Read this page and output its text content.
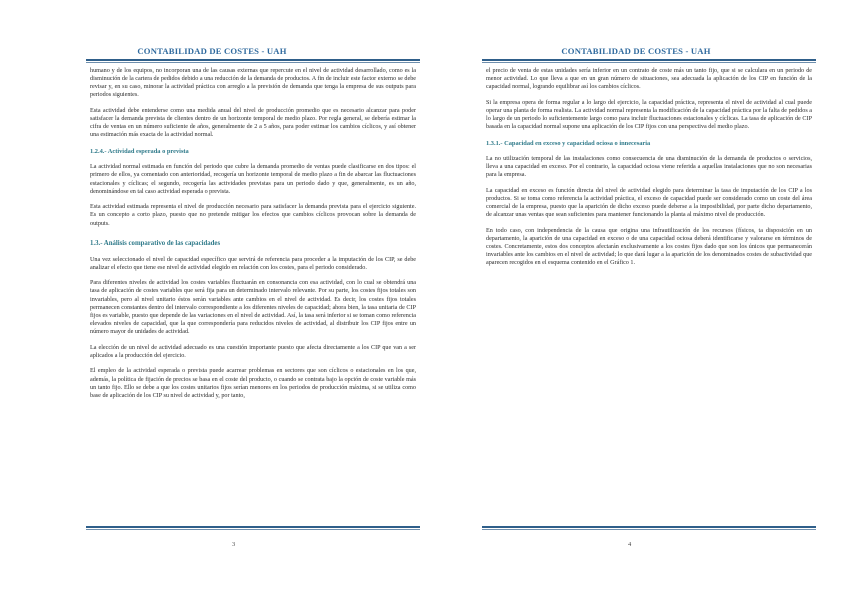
CONTABILIDAD DE COSTES - UAH

humano y de los equipos, no incorporan una de las causas externas que repercute en el nivel de actividad desarrollado, como es la disminución de la cartera de pedidos debido a una reducción de la demanda de productos. A fin de incluir este factor externo se debe revisar y, en su caso, minorar la actividad práctica con arreglo a la previsión de demanda que tenga la empresa de sus outputs para periodos siguientes.

Esta actividad debe entenderse como una medida anual del nivel de producción promedio que es necesario alcanzar para poder satisfacer la demanda prevista de clientes dentro de un horizonte temporal de medio plazo. Por regla general, se debería estimar la cifra de ventas en un número suficiente de años, generalmente de 2 a 5 años, para poder estimar los cambios cíclicos, y así obtener una estimación más exacta de la actividad normal.

1.2.4.- Actividad esperada o prevista

La actividad normal estimada en función del periodo que cubre la demanda promedio de ventas puede clasificarse en dos tipos: el primero de ellos, ya comentado con anterioridad, recogería un horizonte temporal de medio plazo a fin de abarcar las fluctuaciones estacionales y cíclicas; el segundo, recogería las actividades previstas para un periodo dado y que, generalmente, es un año, denominándose en tal caso actividad esperada o prevista.

Esta actividad estimada representa el nivel de producción necesario para satisfacer la demanda prevista para el ejercicio siguiente. Es un concepto a corto plazo, puesto que no pretende mitigar los efectos que cambios cíclicos provocan sobre la demanda de outputs.

1.3.- Análisis comparativo de las capacidades

Una vez seleccionado el nivel de capacidad específico que servirá de referencia para proceder a la imputación de los CIP, se debe analizar el efecto que tiene ese nivel de actividad elegido en relación con los costes, para el periodo considerado.

Para diferentes niveles de actividad los costes variables fluctuarán en consonancia con esa actividad, con lo cual se obtendrá una tasa de aplicación de costes variables que será fija para un determinado intervalo relevante. Por su parte, los costes fijos totales son invariables, pero al nivel unitario éstos serán variables ante cambios en el nivel de actividad. Es decir, los costes fijos totales permanecen constantes dentro del intervalo correspondiente a los diferentes niveles de capacidad; ahora bien, la tasa unitaria de CIP fijos es variable, puesto que depende de las variaciones en el nivel de actividad. Así, la tasa será inferior si se toman como referencia elevados niveles de capacidad, que la que correspondería para reducidos niveles de actividad, al distribuir los CIP fijos entre un número mayor de unidades de actividad.

La elección de un nivel de actividad adecuado es una cuestión importante puesto que afecta directamente a los CIP que van a ser aplicados a la producción del ejercicio.

El empleo de la actividad esperada o prevista puede acarrear problemas en sectores que son cíclicos o estacionales en los que, además, la política de fijación de precios se basa en el coste del producto, o cuando se contrata bajo la opción de coste variable más un tanto fijo. Ello se debe a que los costes unitarios fijos serían menores en los periodos de producción máxima, si se utiliza como base de aplicación de los CIP su nivel de actividad y, por tanto,

3
CONTABILIDAD DE COSTES - UAH

el precio de venta de estas unidades sería inferior en un contrato de coste más un tanto fijo, que si se calculara en un periodo de menor actividad. Lo que lleva a que en un gran número de situaciones, sea adecuada la aplicación de los CIP en función de la capacidad normal, logrando equilibrar así los cambios cíclicos.

Si la empresa opera de forma regular a lo largo del ejercicio, la capacidad práctica, representa el nivel de actividad al cual puede operar una planta de forma realista. La actividad normal representa la modificación de la capacidad práctica por la falta de pedidos a lo largo de un periodo lo suficientemente largo como para incluir fluctuaciones estacionales y cíclicas. La tasa de aplicación de CIP basada en la capacidad normal supone una aplicación de los CIP fijos con una perspectiva del medio plazo.

1.3.1.- Capacidad en exceso y capacidad ociosa o innecesaria

La no utilización temporal de las instalaciones como consecuencia de una disminución de la demanda de productos o servicios, lleva a una capacidad en exceso. Por el contrario, la capacidad ociosa viene referida a aquellas instalaciones que no son necesarias para la empresa.

La capacidad en exceso es función directa del nivel de actividad elegido para determinar la tasa de imputación de los CIP a los productos. Si se toma como referencia la actividad práctica, el exceso de capacidad puede ser considerado como un coste del área comercial de la empresa, puesto que la aparición de dicho exceso puede deberse a la imposibilidad, por parte dicho departamento, de alcanzar unas ventas que sean suficientes para mantener funcionando la planta al máximo nivel de producción.

En todo caso, con independencia de la causa que origina una infrautilización de los recursos (físicos, ta disposición en un departamento, la aparición de una capacidad en exceso o de una capacidad ociosa deberá identificarse y valorarse en términos de costes. Concretamente, estos dos conceptos afectarán exclusivamente a los costes fijos dado que son los únicos que permanecerán invariables ante los cambios en el nivel de actividad; lo que dará lugar a la aparición de los denominados costes de subactividad que aparecen recogidos en el esquema contenido en el Gráfico 1.

4
